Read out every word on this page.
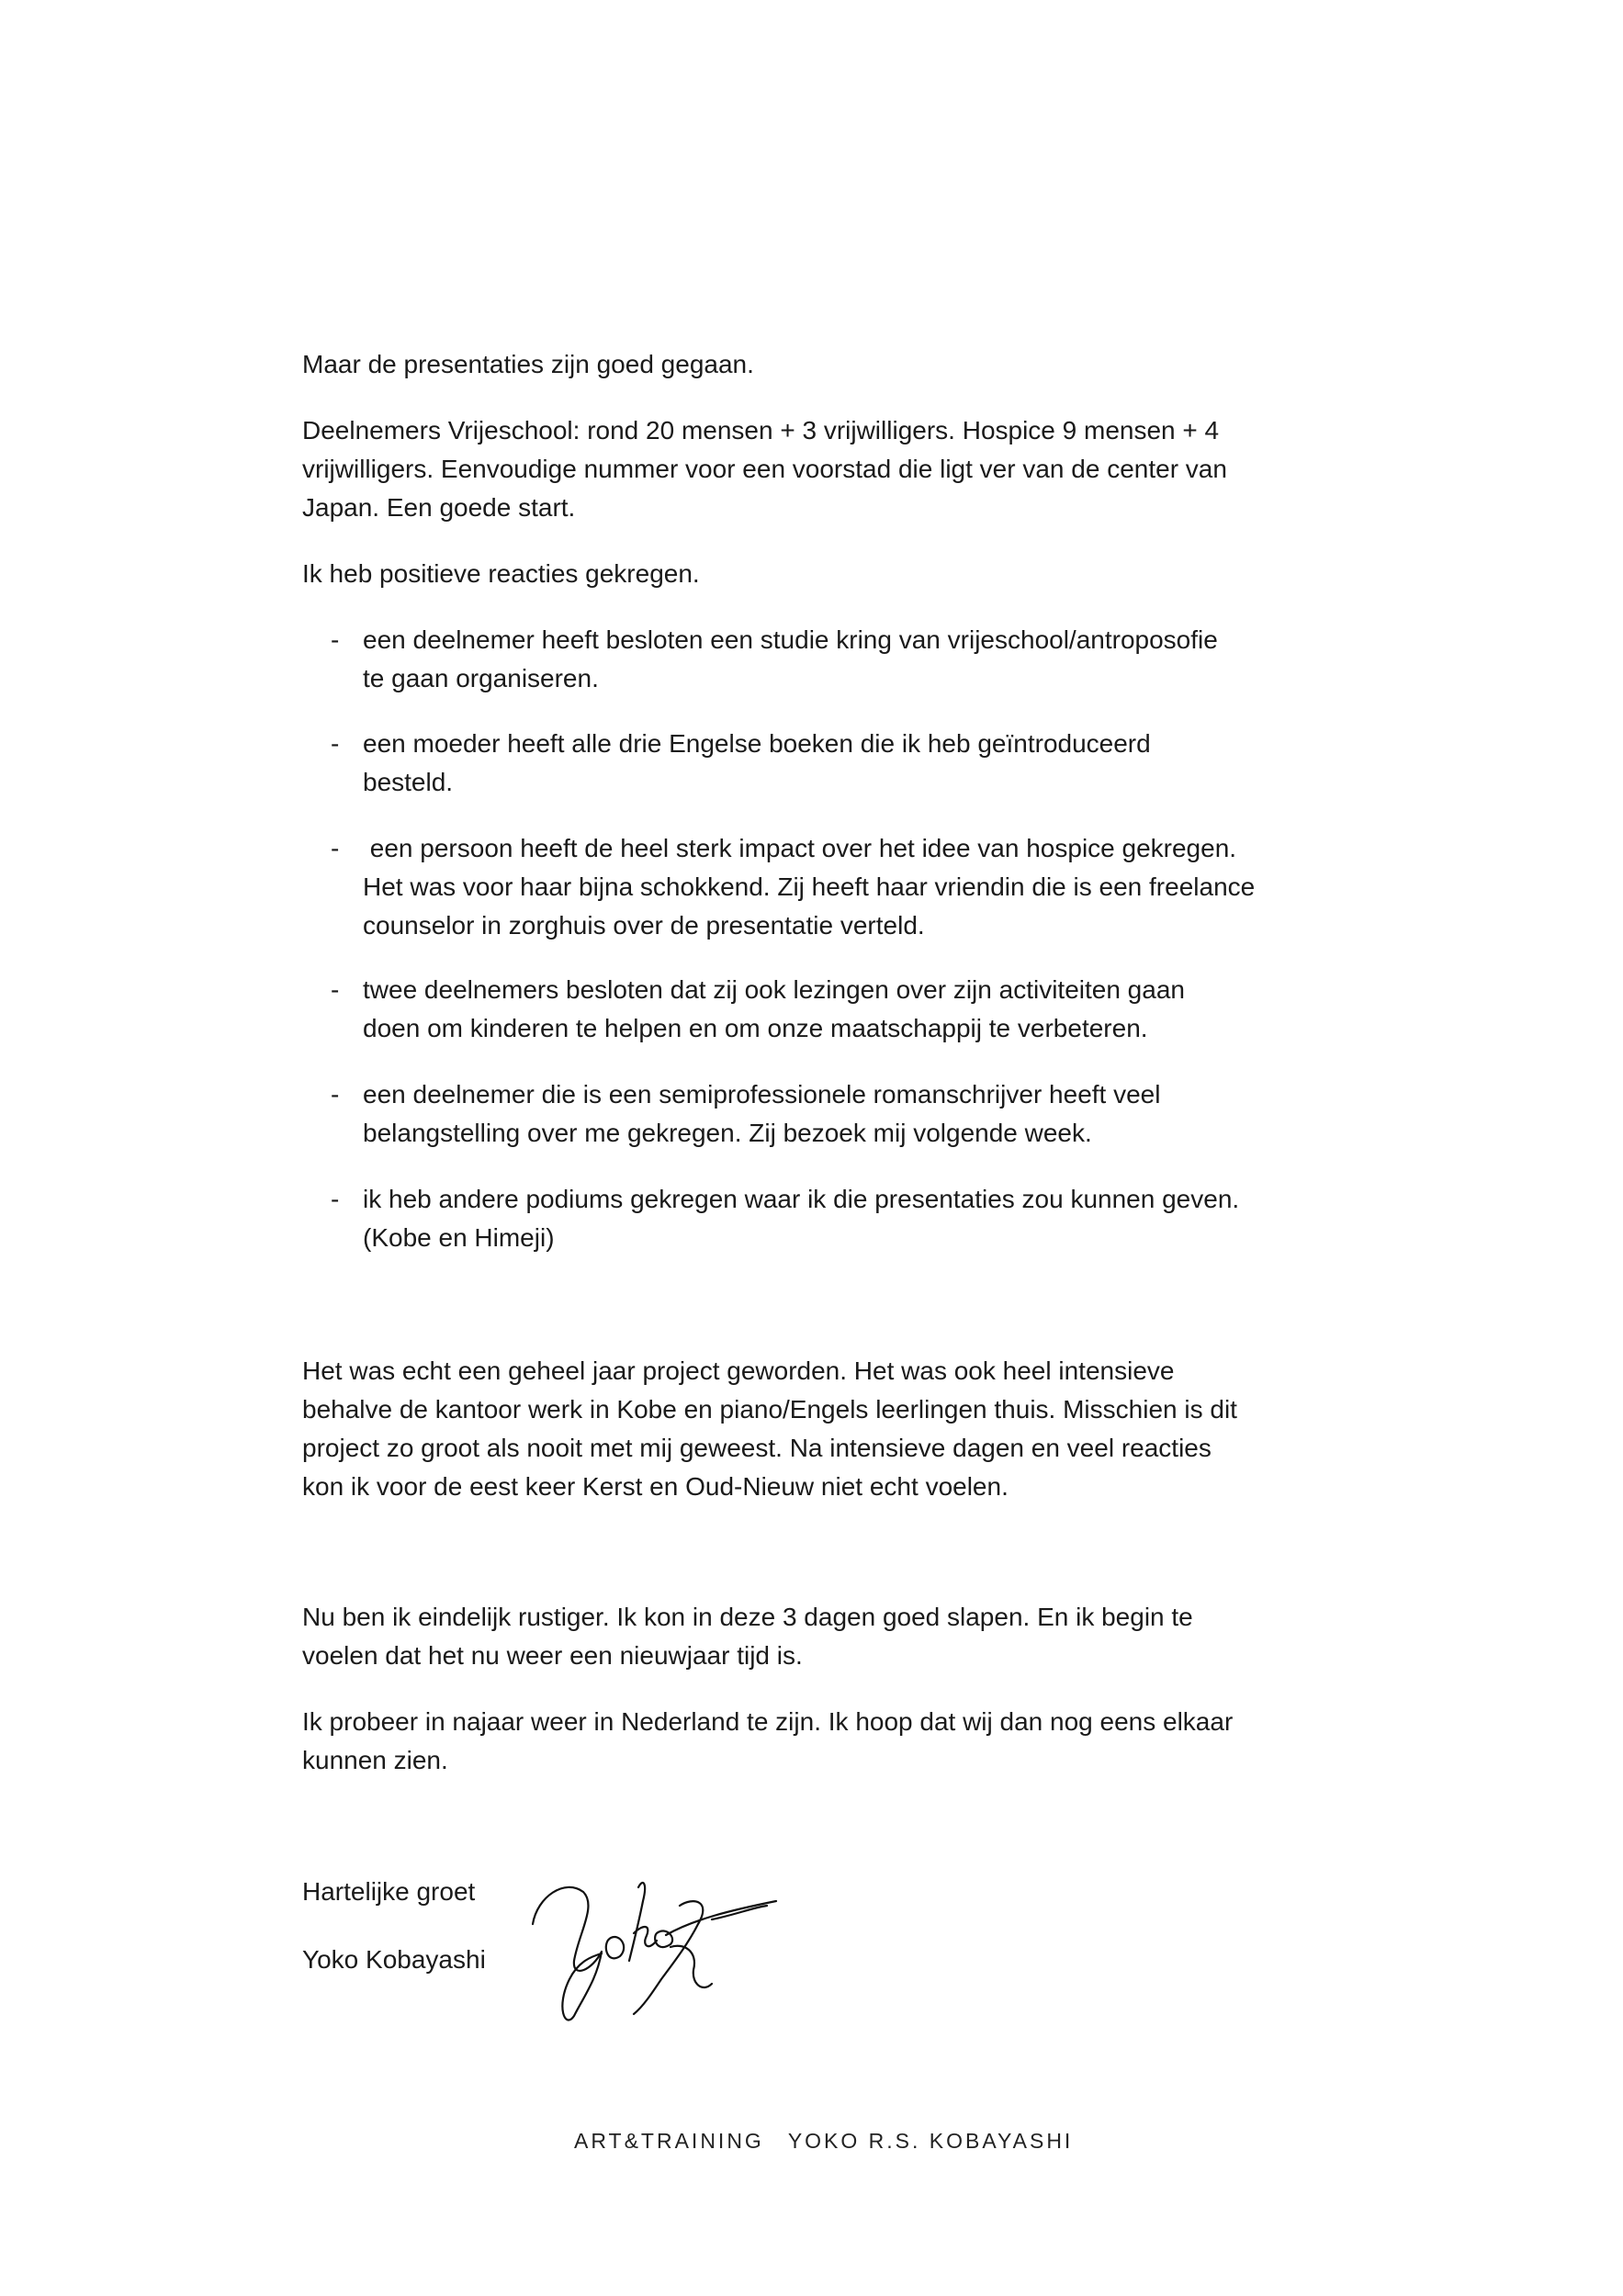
Maar de presentaties zijn goed gegaan.
Deelnemers Vrijeschool: rond 20 mensen + 3 vrijwilligers. Hospice 9 mensen + 4
vrijwilligers. Eenvoudige nummer voor een voorstad die ligt ver van de center van
Japan. Een goede start.
Ik heb positieve reacties gekregen.
- een deelnemer heeft besloten een studie kring van vrijeschool/antroposofie
te gaan organiseren.
- een moeder heeft alle drie Engelse boeken die ik heb geïntroduceerd
besteld.
- een persoon heeft de heel sterk impact over het idee van hospice gekregen.
Het was voor haar bijna schokkend. Zij heeft haar vriendin die is een freelance
counselor in zorghuis over de presentatie verteld.
- twee deelnemers besloten dat zij ook lezingen over zijn activiteiten gaan
doen om kinderen te helpen en om onze maatschappij te verbeteren.
- een deelnemer die is een semiprofessionele romanschrijver heeft veel
belangstelling over me gekregen. Zij bezoek mij volgende week.
- ik heb andere podiums gekregen waar ik die presentaties zou kunnen geven.
(Kobe en Himeji)
Het was echt een geheel jaar project geworden. Het was ook heel intensieve
behalve de kantoor werk in Kobe en piano/Engels leerlingen thuis. Misschien is dit
project zo groot als nooit met mij geweest. Na intensieve dagen en veel reacties
kon ik voor de eest keer Kerst en Oud-Nieuw niet echt voelen.
Nu ben ik eindelijk rustiger. Ik kon in deze 3 dagen goed slapen. En ik begin te
voelen dat het nu weer een nieuwjaar tijd is.
Ik probeer in najaar weer in Nederland te zijn. Ik hoop dat wij dan nog eens elkaar
kunnen zien.
Hartelijke groet
Yoko Kobayashi
ART&TRAINING YOKO R.S. KOBAYASHI
